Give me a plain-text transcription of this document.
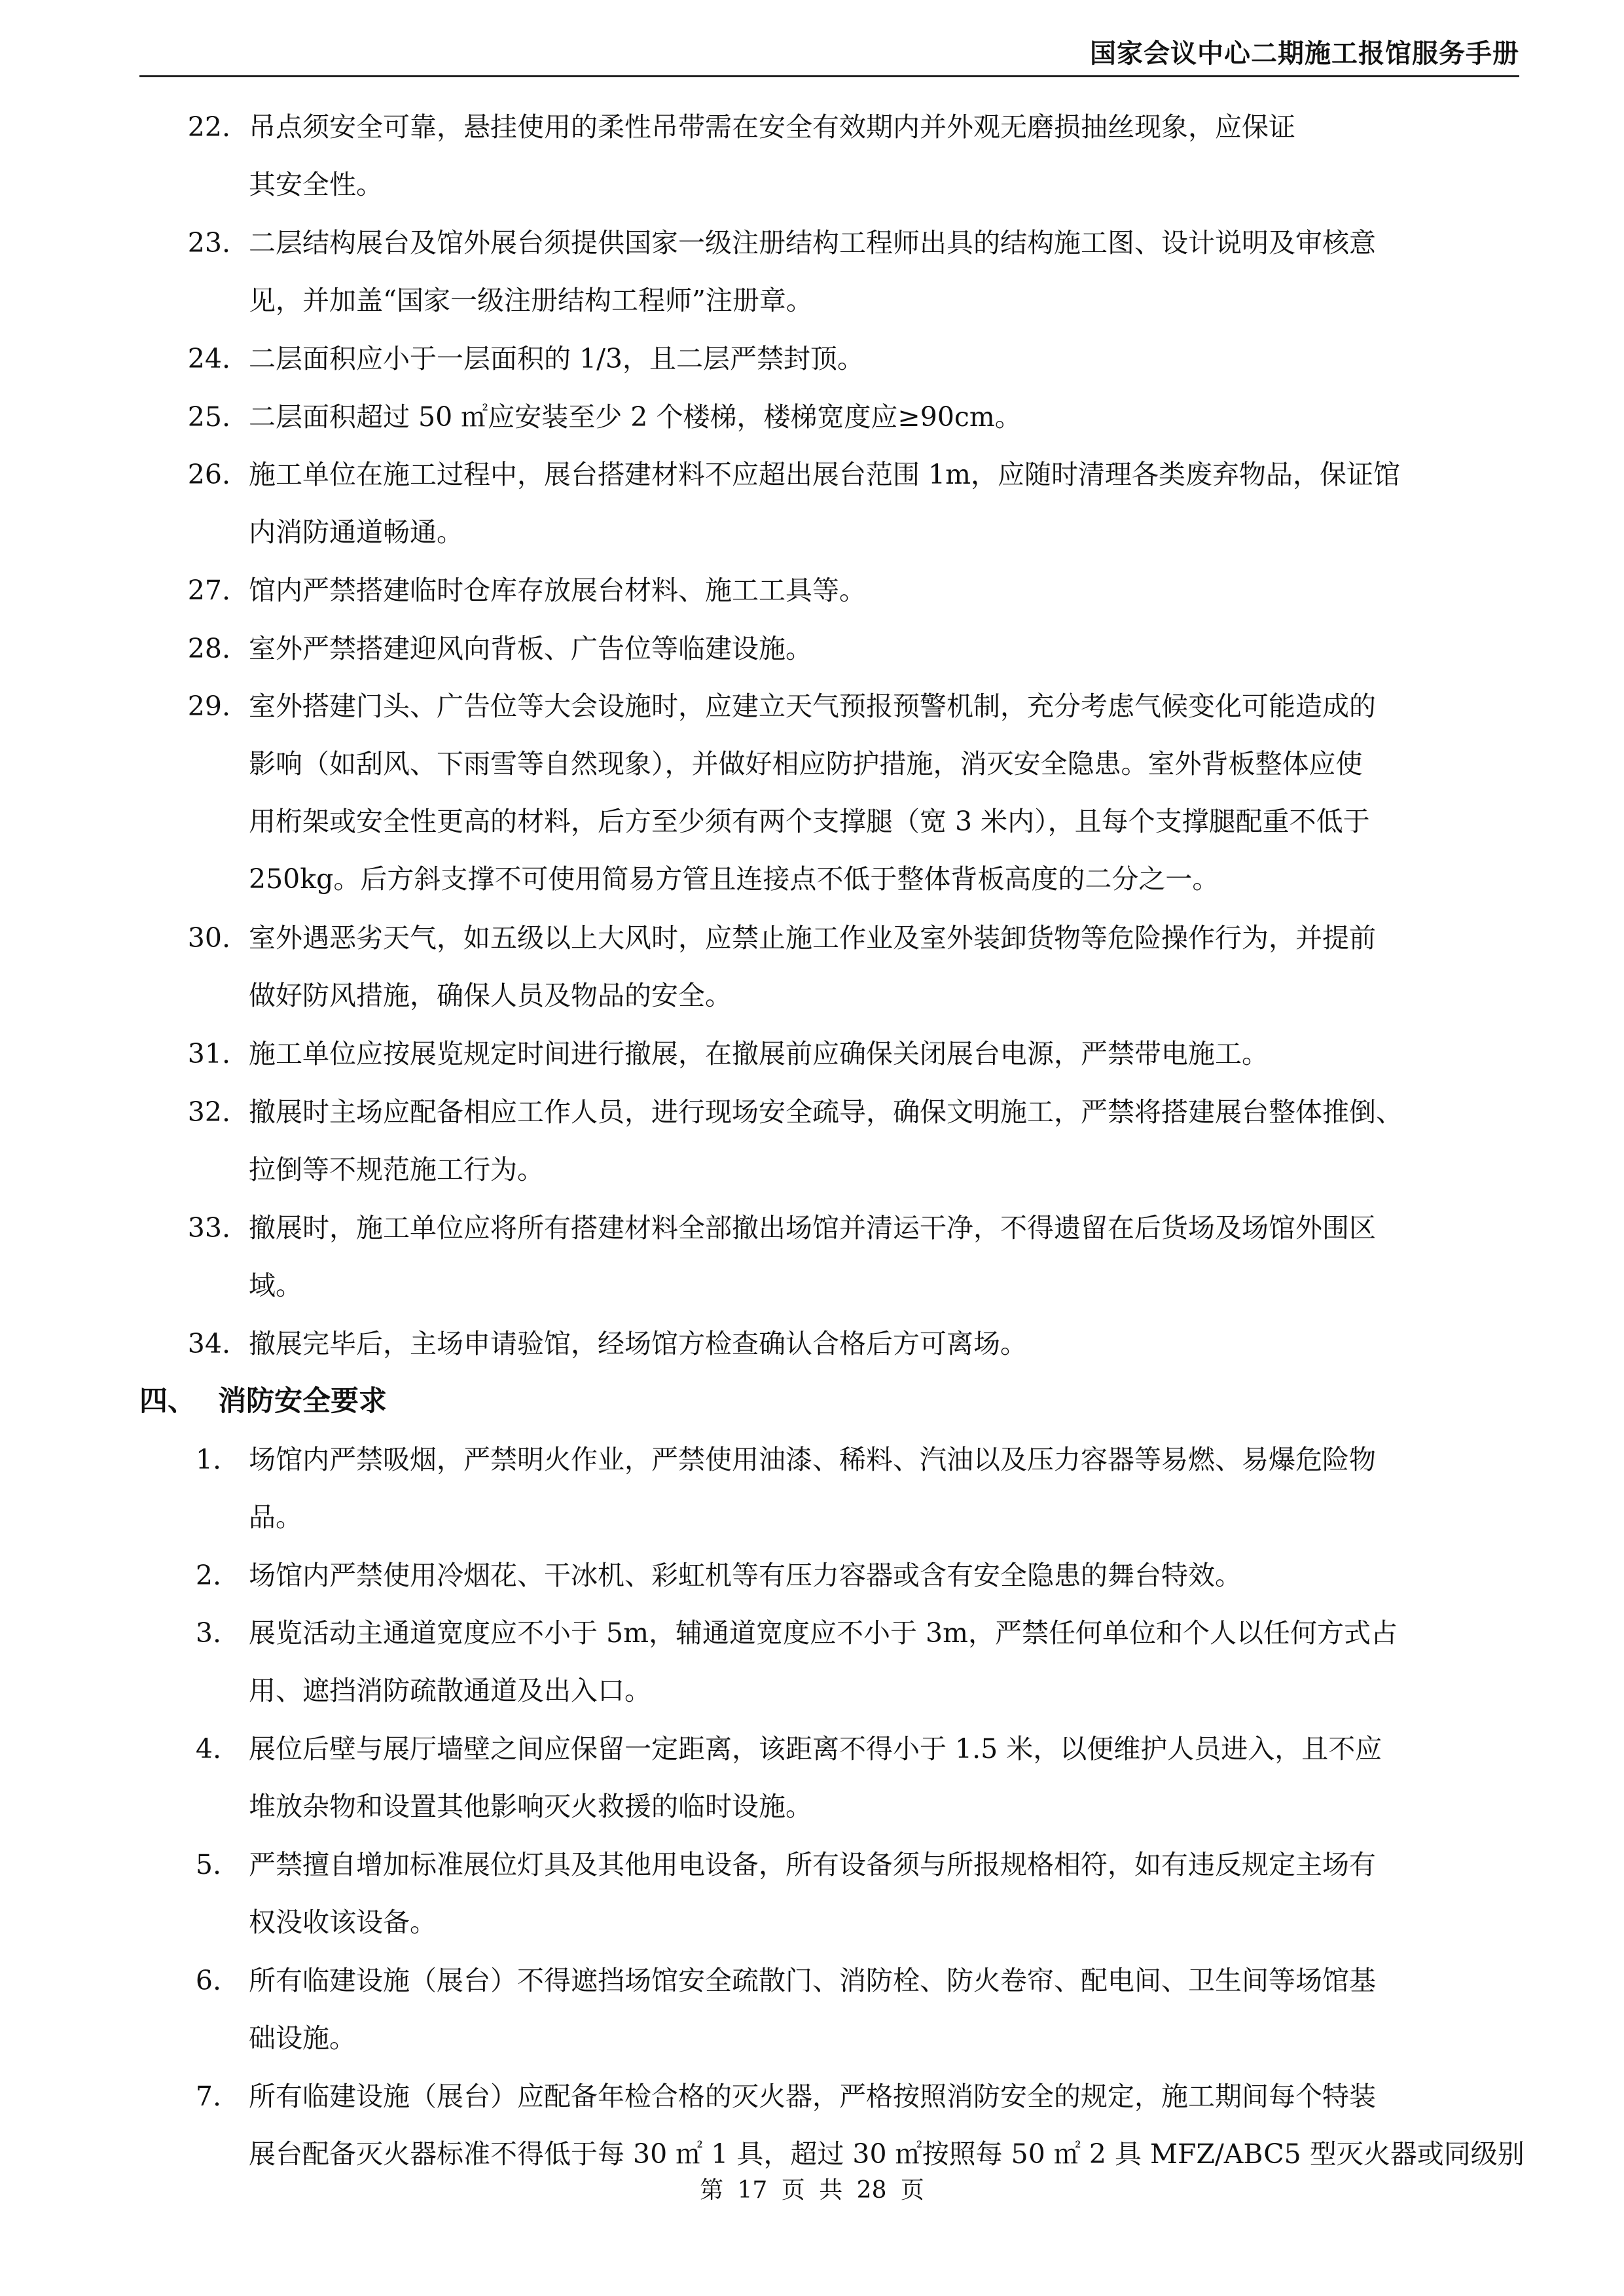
国家会议中心二期施工报馆服务手册
22. 吊点须安全可靠，悬挂使用的柔性吊带需在安全有效期内并外观无磨损抽丝现象，应保证
其安全性。
23. 二层结构展台及馆外展台须提供国家一级注册结构工程师出具的结构施工图、设计说明及审核意
见，并加盖“国家一级注册结构工程师”注册章。
24. 二层面积应小于一层面积的 1/3，且二层严禁封顶。
25. 二层面积超过 50 ㎡应安装至少 2 个楼梯，楼梯宽度应≥90cm。
26. 施工单位在施工过程中，展台搭建材料不应超出展台范围 1m，应随时清理各类废弃物品，保证馆
内消防通道畅通。
27. 馆内严禁搭建临时仓库存放展台材料、施工工具等。
28. 室外严禁搭建迎风向背板、广告位等临建设施。
29. 室外搭建门头、广告位等大会设施时，应建立天气预报预警机制，充分考虑气候变化可能造成的
影响（如刮风、下雨雪等自然现象），并做好相应防护措施，消灭安全隐患。室外背板整体应使
用桁架或安全性更高的材料，后方至少须有两个支撑腿（宽 3 米内），且每个支撑腿配重不低于
250kg。后方斜支撑不可使用简易方管且连接点不低于整体背板高度的二分之一。
30. 室外遇恶劣天气，如五级以上大风时，应禁止施工作业及室外装卸货物等危险操作行为，并提前
做好防风措施，确保人员及物品的安全。
31. 施工单位应按展览规定时间进行撤展，在撤展前应确保关闭展台电源，严禁带电施工。
32. 撤展时主场应配备相应工作人员，进行现场安全疏导，确保文明施工，严禁将搭建展台整体推倒、
拉倒等不规范施工行为。
33. 撤展时，施工单位应将所有搭建材料全部撤出场馆并清运干净，不得遗留在后货场及场馆外围区
域。
34. 撤展完毕后，主场申请验馆，经场馆方检查确认合格后方可离场。
四、 消防安全要求
1. 场馆内严禁吸烟，严禁明火作业，严禁使用油漆、稀料、汽油以及压力容器等易燃、易爆危险物
品。
2. 场馆内严禁使用冷烟花、干冰机、彩虹机等有压力容器或含有安全隐患的舞台特效。
3. 展览活动主通道宽度应不小于 5m，辅通道宽度应不小于 3m，严禁任何单位和个人以任何方式占
用、遮挡消防疏散通道及出入口。
4. 展位后壁与展厅墙壁之间应保留一定距离，该距离不得小于 1.5 米，以便维护人员进入，且不应
堆放杂物和设置其他影响灭火救援的临时设施。
5. 严禁擅自增加标准展位灯具及其他用电设备，所有设备须与所报规格相符，如有违反规定主场有
权没收该设备。
6. 所有临建设施（展台）不得遮挡场馆安全疏散门、消防栓、防火卷帘、配电间、卫生间等场馆基
础设施。
7. 所有临建设施（展台）应配备年检合格的灭火器，严格按照消防安全的规定，施工期间每个特装
展台配备灭火器标准不得低于每 30 ㎡ 1 具，超过 30 ㎡按照每 50 ㎡ 2 具 MFZ/ABC5 型灭火器或同级别
第 17 页 共 28 页
